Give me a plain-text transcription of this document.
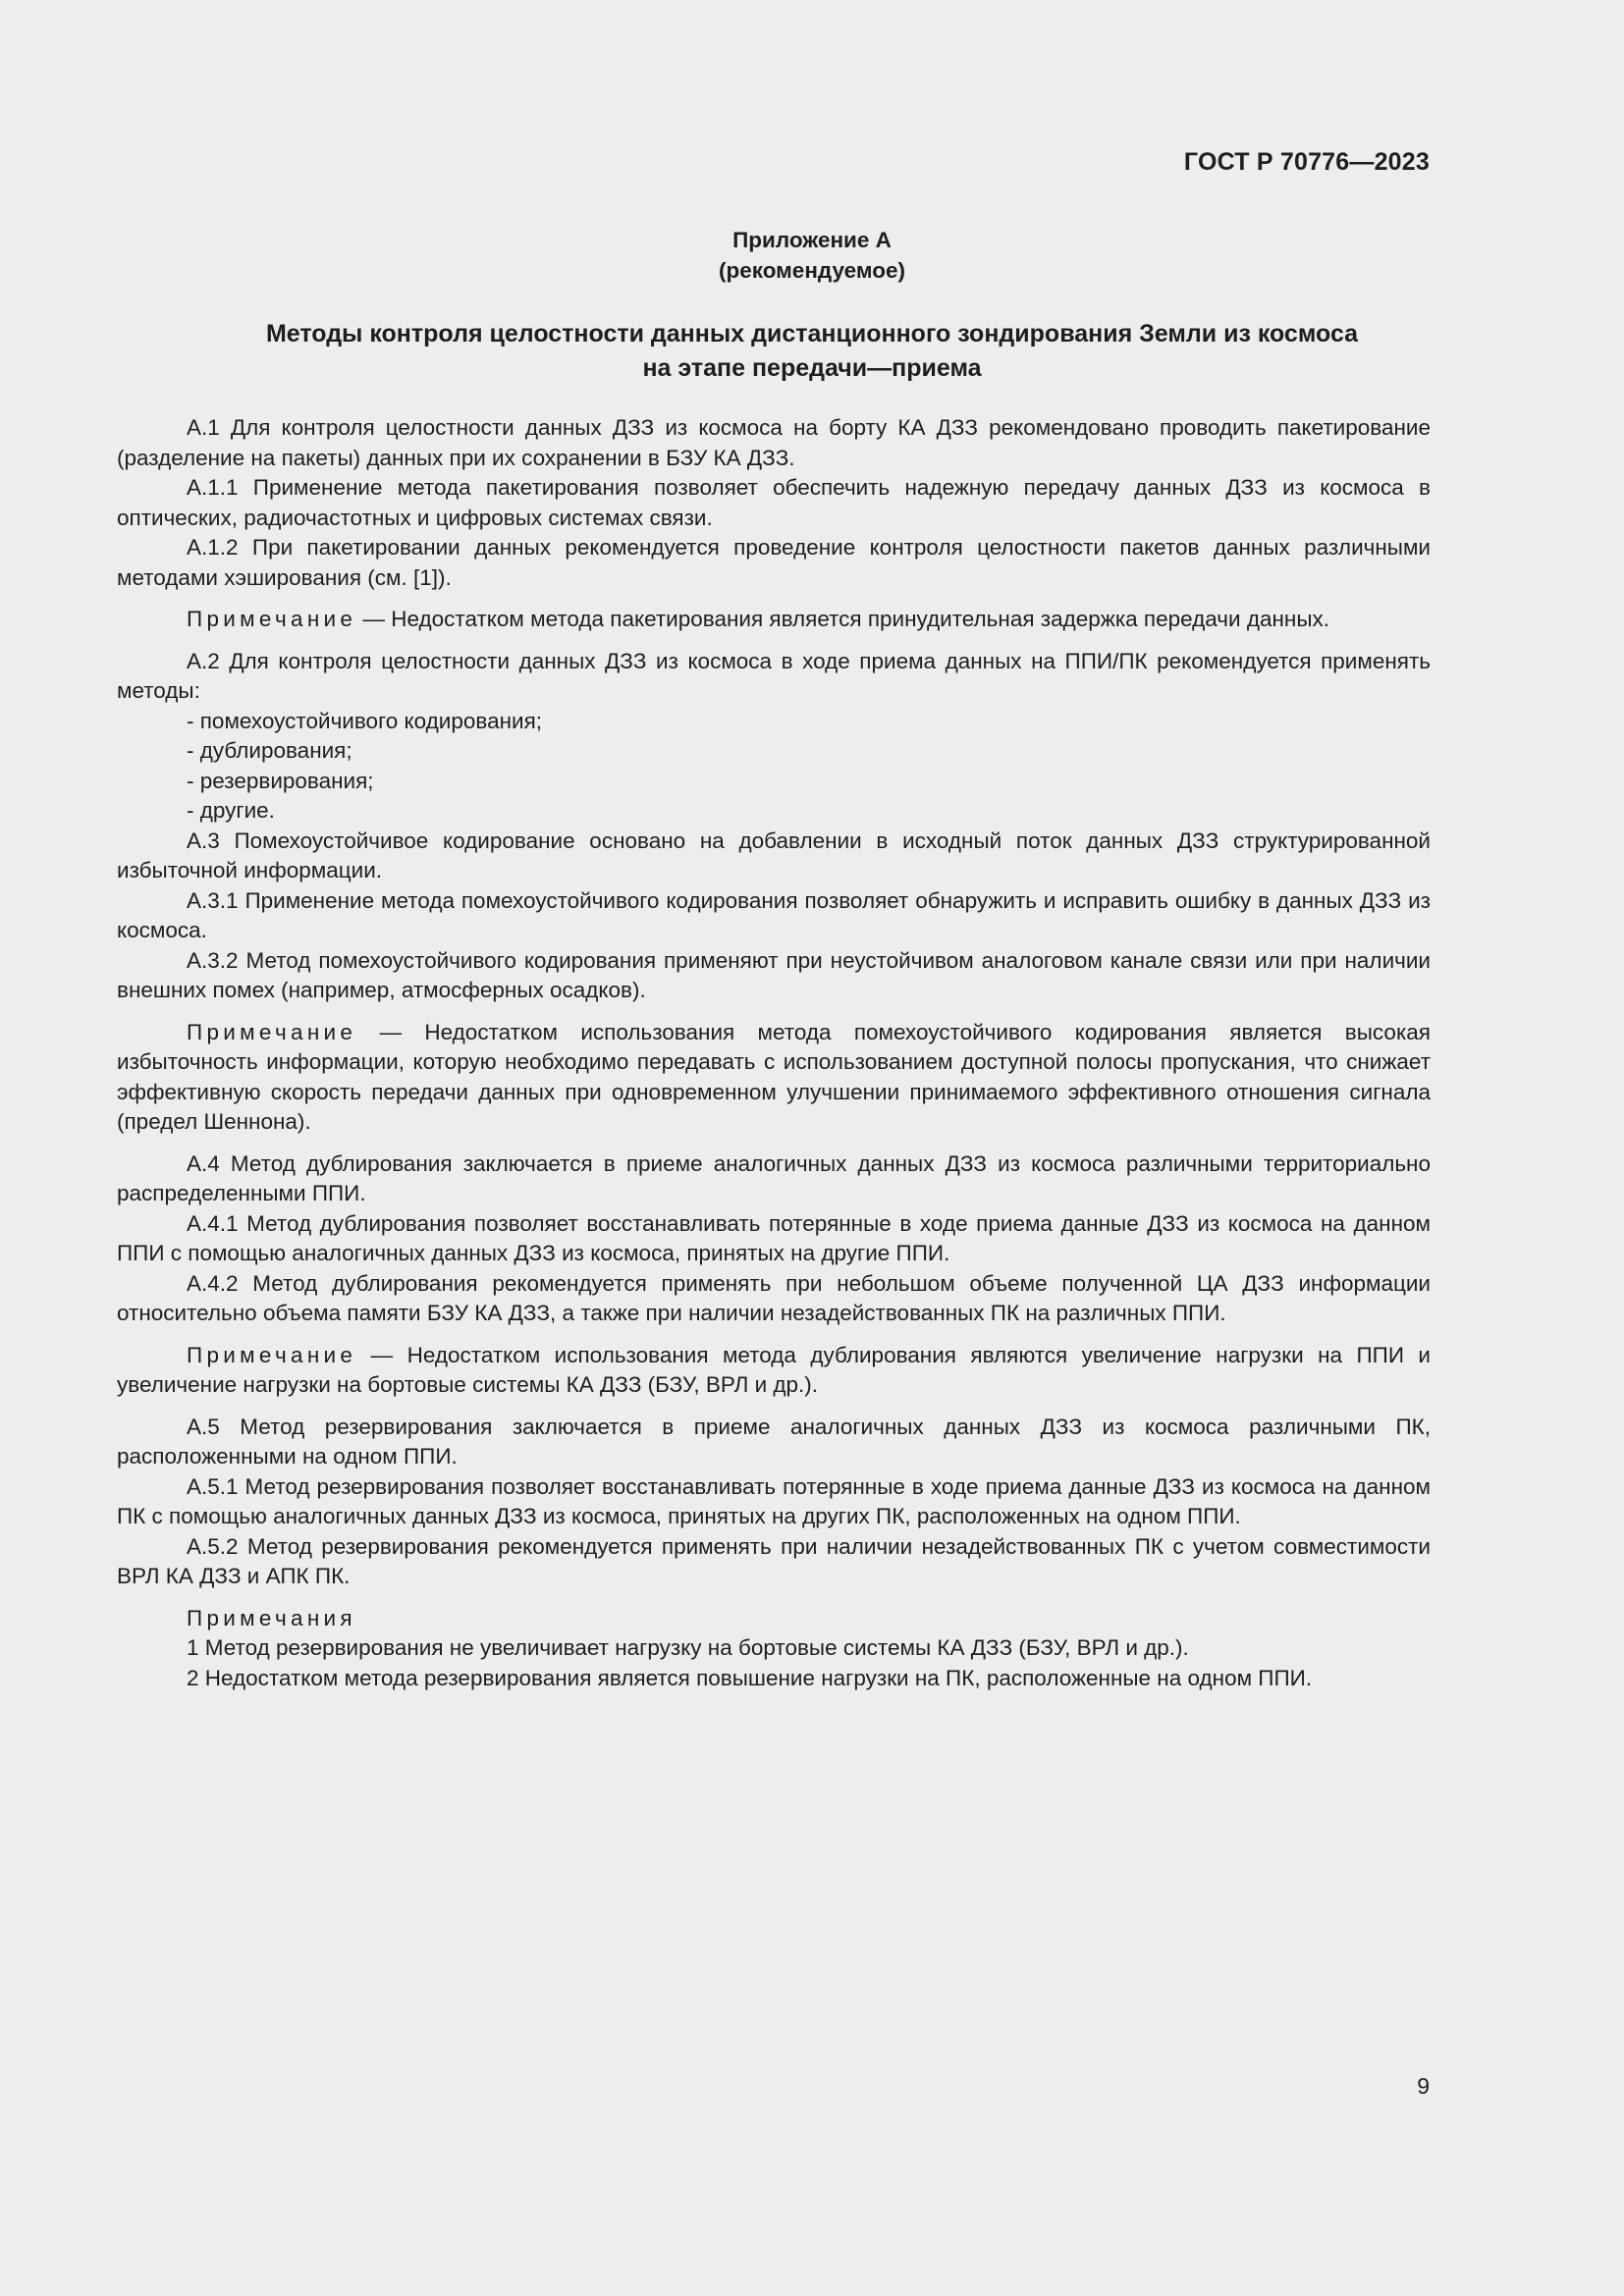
ГОСТ Р 70776—2023
Приложение А
(рекомендуемое)
Методы контроля целостности данных дистанционного зондирования Земли из космоса
на этапе передачи—приема

А.1 Для контроля целостности данных ДЗЗ из космоса на борту КА ДЗЗ рекомендовано проводить пакетирование (разделение на пакеты) данных при их сохранении в БЗУ КА ДЗЗ.

А.1.1 Применение метода пакетирования позволяет обеспечить надежную передачу данных ДЗЗ из космоса в оптических, радиочастотных и цифровых системах связи.

А.1.2 При пакетировании данных рекомендуется проведение контроля целостности пакетов данных различными методами хэширования (см. [1]).

Примечание — Недостатком метода пакетирования является принудительная задержка передачи данных.

А.2 Для контроля целостности данных ДЗЗ из космоса в ходе приема данных на ППИ/ПК рекомендуется применять методы:

- помехоустойчивого кодирования;

- дублирования;

- резервирования;

- другие.

А.3 Помехоустойчивое кодирование основано на добавлении в исходный поток данных ДЗЗ структурированной избыточной информации.

А.3.1 Применение метода помехоустойчивого кодирования позволяет обнаружить и исправить ошибку в данных ДЗЗ из космоса.

А.3.2 Метод помехоустойчивого кодирования применяют при неустойчивом аналоговом канале связи или при наличии внешних помех (например, атмосферных осадков).

Примечание — Недостатком использования метода помехоустойчивого кодирования является высокая избыточность информации, которую необходимо передавать с использованием доступной полосы пропускания, что снижает эффективную скорость передачи данных при одновременном улучшении принимаемого эффективного отношения сигнала (предел Шеннона).

А.4 Метод дублирования заключается в приеме аналогичных данных ДЗЗ из космоса различными территориально распределенными ППИ.

А.4.1 Метод дублирования позволяет восстанавливать потерянные в ходе приема данные ДЗЗ из космоса на данном ППИ с помощью аналогичных данных ДЗЗ из космоса, принятых на другие ППИ.

А.4.2 Метод дублирования рекомендуется применять при небольшом объеме полученной ЦА ДЗЗ информации относительно объема памяти БЗУ КА ДЗЗ, а также при наличии незадействованных ПК на различных ППИ.

Примечание — Недостатком использования метода дублирования являются увеличение нагрузки на ППИ и увеличение нагрузки на бортовые системы КА ДЗЗ (БЗУ, ВРЛ и др.).

А.5 Метод резервирования заключается в приеме аналогичных данных ДЗЗ из космоса различными ПК, расположенными на одном ППИ.

А.5.1 Метод резервирования позволяет восстанавливать потерянные в ходе приема данные ДЗЗ из космоса на данном ПК с помощью аналогичных данных ДЗЗ из космоса, принятых на других ПК, расположенных на одном ППИ.

А.5.2 Метод резервирования рекомендуется применять при наличии незадействованных ПК с учетом совместимости ВРЛ КА ДЗЗ и АПК ПК.

Примечания

1 Метод резервирования не увеличивает нагрузку на бортовые системы КА ДЗЗ (БЗУ, ВРЛ и др.).

2 Недостатком метода резервирования является повышение нагрузки на ПК, расположенные на одном ППИ.

9
